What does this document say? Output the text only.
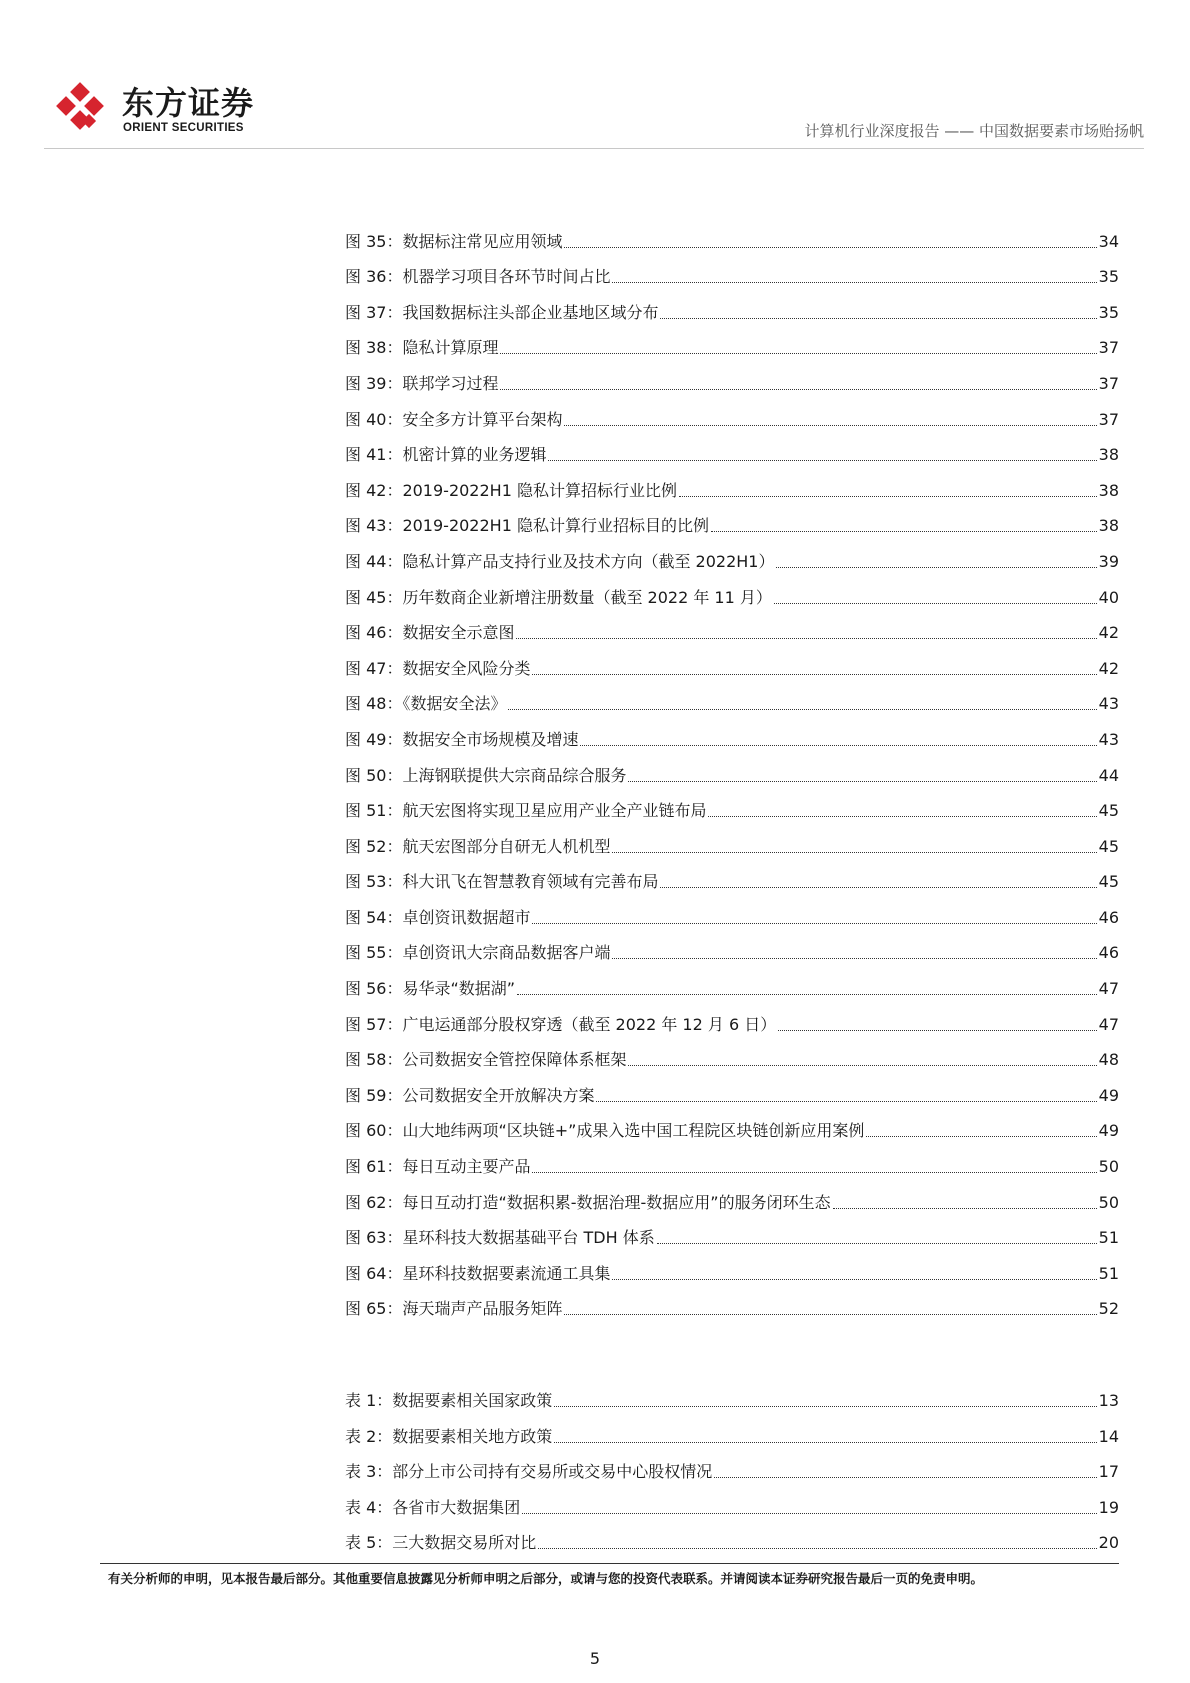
东方证券
ORIENT SECURITIES	计算机行业深度报告 —— 中国数据要素市场贻扬帆
图 35：数据标注常见应用领域	34
图 36：机器学习项目各环节时间占比	35
图 37：我国数据标注头部企业基地区域分布	35
图 38：隐私计算原理	37
图 39：联邦学习过程	37
图 40：安全多方计算平台架构	37
图 41：机密计算的业务逻辑	38
图 42：2019-2022H1 隐私计算招标行业比例	38
图 43：2019-2022H1 隐私计算行业招标目的比例	38
图 44：隐私计算产品支持行业及技术方向（截至 2022H1）	39
图 45：历年数商企业新增注册数量（截至 2022 年 11 月）	40
图 46：数据安全示意图	42
图 47：数据安全风险分类	42
图 48：《数据安全法》	43
图 49：数据安全市场规模及增速	43
图 50：上海钢联提供大宗商品综合服务	44
图 51：航天宏图将实现卫星应用产业全产业链布局	45
图 52：航天宏图部分自研无人机机型	45
图 53：科大讯飞在智慧教育领域有完善布局	45
图 54：卓创资讯数据超市	46
图 55：卓创资讯大宗商品数据客户端	46
图 56：易华录“数据湖”	47
图 57：广电运通部分股权穿透（截至 2022 年 12 月 6 日）	47
图 58：公司数据安全管控保障体系框架	48
图 59：公司数据安全开放解决方案	49
图 60：山大地纬两项“区块链+”成果入选中国工程院区块链创新应用案例	49
图 61：每日互动主要产品	50
图 62：每日互动打造“数据积累-数据治理-数据应用”的服务闭环生态	50
图 63：星环科技大数据基础平台 TDH 体系	51
图 64：星环科技数据要素流通工具集	51
图 65：海天瑞声产品服务矩阵	52
表 1：数据要素相关国家政策	13
表 2：数据要素相关地方政策	14
表 3：部分上市公司持有交易所或交易中心股权情况	17
表 4：各省市大数据集团	19
表 5：三大数据交易所对比	20
有关分析师的申明，见本报告最后部分。其他重要信息披露见分析师申明之后部分，或请与您的投资代表联系。并请阅读本证券研究报告最后一页的免责申明。
5
